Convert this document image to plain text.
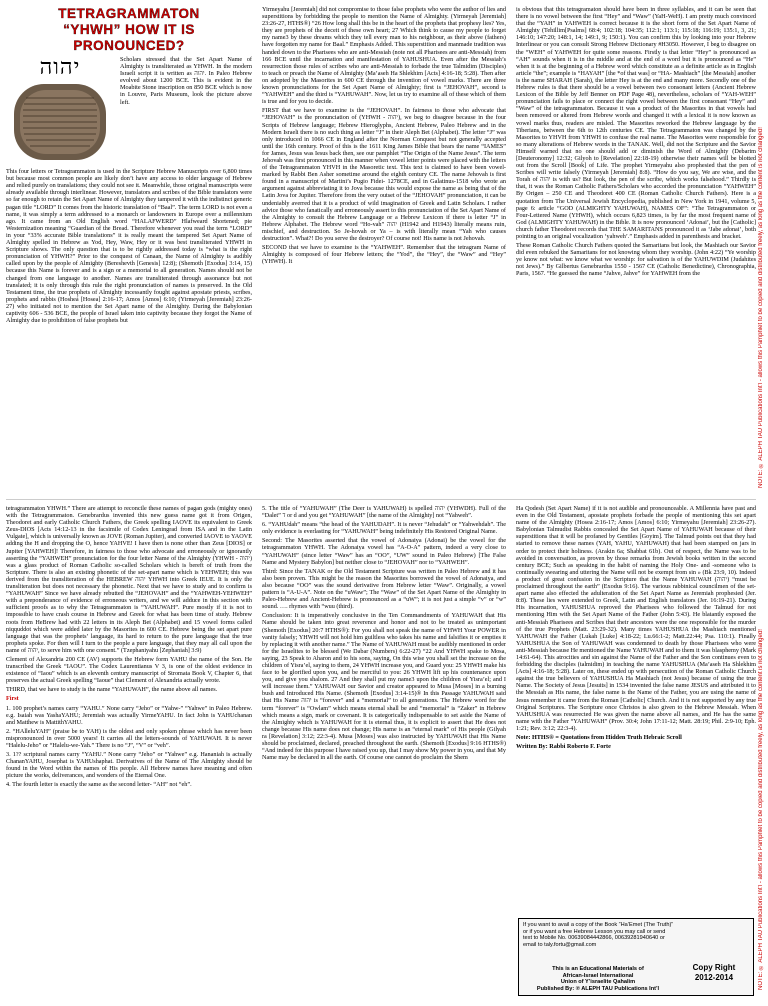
TETRAGRAMMATON
“YHWH” HOW IT IS
PRONOUNCED?
יהוה	Scholars stressed that the Set Apart Name of Almighty is transliterated as YHWH. In the modern Israeli script it is written as יהוה. In Paleo Hebrew evolved about 1200 BCE. This is evident in the Moabite Stone inscription on 850 BCE which is now in Louvre, Paris Museum, look the picture above left.
This four letters or Tetragrammaton is used in the Scripture Hebrew Manuscripts over 6,800 times but because most common people are likely don’t have any access to older language of Hebrew and relied purely on translations; they could not see it. Meanwhile, those original manuscripts were already available through interlinear. However, translators and scribes of the Bible translators were so far enough to retain the Set Apart Name of Almighty they tampered it with the indistinct generic pagan title “LORD” It comes from the historic translation of “Baal”. The term LORD is not even a name, it was simply a term addressed to a monarch or landowners in Europe over a millennium ago. It came from an Old English word “HALAFWERD” Hlafweard Shortened; pie Westernization meaning “Guardian of the Bread. Therefore whenever you read the term “LORD” in your “33% accurate Bible translations” it is really meant the tampered Set Apart Name of Almighty spelled in Hebrew as Yod, Hey, Waw, Hey or it was best transliterated YHWH in Scripture shows. The only question that is to be rightly addressed today is “what is the right pronunciation of YHWH?” Prior to the conquest of Canaan, the Name of Almighty is audibly called upon by the people of Almighty (Bereshevth [Genesis] 12:8); (Shemoth [Exodus] 3:14, 15) because this Name is forever and is a sign or a memorial to all generation. Names should not be changed from one language to another. Names are transliterated through assonance but not translated; it is only through this rule the right pronunciation of names is preserved. In the Old Testament time, the true prophets of Almighty incessantly fought against apostate priests, scribes, prophets and rabbis (Hosheá [Hosea] 2:16-17; Amos [Amos] 6:10; (Yirmeyah [Jeremiah] 23:26-27) who initiated not to mention the Set Apart name of the Almighty. During the Babylonian captivity 606 - 536 BCE, the people of Israel taken into captivity because they forgot the Name of Almighty due to prohibition of false prophets but
Yirmeyahu [Jeremiah] did not compromise to those false prophets who were the author of lies and superstitions by forbidding the people to mention the Name of Almighty. (Yirmeyah [Jeremiah] 23:26-27, HTHS®) “26 How long shall this be in the heart of the prophets that prophesy lies? Yes, they are prophets of the deceit of these own heart; 27 Which think to cause my people to forget my name3 by these dreams which they tell every man to his neighbour, as their above (fathers) have forgotten my name for Baal.” Emphasis Added. This superstition and manmade tradition was handed down to the Pharisees who are anti-Messiah (note not all Pharisees are anti-Messiah) from 166 BCE until the incarnation and manifestation of YAHUSHUA. Even after the Messiah’s resurrection those rules of scribes who are anti-Messiah to forbade the true Talmidim (Disciples) to teach or preach the Name of Almighty (Ma’aseh Ha Shlekhim [Acts] 4:16-18; 5:28). Then after on adopted by the Masorites in 600 CE through the invention of vowel marks. There are three known pronunciations for the Set Apart Name of Almighty; first is “JEHOVAH”, second is “YAHWEH” and the third is “YAHUWAH”. Now, let us try to examine all of these which of them is true and for you to decide.
FIRST that we have to examine is the “JEHOVAH”. In fairness to those who advocate that “JEHOVAH” is the pronunciation of (YHWH - יהוה), we beg to disagree because in the four Scripts of Hebrew language; Hebrew Hieroglyphs, Ancient Hebrew, Paleo Hebrew and in the Modern Israeli there is no such thing as letter “J” in their Aleph Bet (Alphabet). The letter “J” was only introduced in 1066 CE in England after the Norman Conquest but not generally accepted until the 16th century. Proof of this is the 1611 King James Bible that bears the name “IAMES” for James, Jesus was Iesus back then, see our pamphlet “The Origin of the Name Jesus”. The term Jehovah was first pronounced in this manner when vowel letter points were placed with the letters of the Tetragrammaton YHVH in the Masoretic text. This text is claimed to have been vowel-marked by Rabbi Ben Asher sometime around the eighth century CE. The name Jehovah is first found in a manuscript of Martini’s Pugio Fidei- 1278CE, and in Galatinus-1518 who wrote an argument against abbreviating it to Jova because this would expose the name as being that of the Latin Jova for Jupiter. Therefore from the very outset of the “JEHOVAH” pronunciation, it can be undeniably averred that it is a product of wild imagination of Greek and Latin Scholars. I rather advice those who fanatically and erroneously assert to this pronunciation of the Set Apart Name of the Almighty to consult the Hebrew Language or a Hebrew Lexicon if there is letter “J” in Hebrew Alphabet. The Hebrew word “Ho-vah” יהוה (H1942 and H1943) literally means ruin, mischief, and destruction. So Je-hovah or Ya – is with literally mean “Yah who causes destruction”. What?! Do you serve the destroyer? Of course not! His name is not Jehovah.
SECOND that we have to examine is the “YAHWEH”. Remember that the tetragram Name of Almighty is composed of four Hebrew letters; the “Yod”, the “Hey”, the “Waw” and “Hey” (YHWH). It
is obvious that this tetragramaton should have been in three syllables, and it can be seen that there is no vowel between the first “Hey” and “Waw” (YaH-WeH). I am pretty much convinced that the “YAH” in YAHWEH is correct because it is the short form of the Set Apart Name of Almighty (Tehillim[Psalms] 68:4; 102:18; 104:35; 112:1; 113:1; 115:18; 116:19; 135:1, 3, 21; 146:10; 147:20; 148:1, 14; 149:1, 9; 150:1). You can confirm this by looking into your Hebrew Interlinear or you can consult Strong Hebrew Dictionary #H3050. However, I beg to disagree on the “WEH” of YAHWEH for quite some reasons. Firstly is that letter “Hey” is pronounced as “AH” sounds when it is in the middle and at the end of a word but it is pronounced as “He” when it is at the beginning of a Hebrew word which constitute as a definite article as in English article “the”; example is “HAYAH” [the *of that was] or “HA- Mashiach” [the Messiah] another is the name SHARAH (Sarah), the letter Hey is at the end and many more. Secondly one of the Hebrew rules is that there should be a vowel between two consonant letters (Ancient Hebrew Lexicon of the Bible by Jeff Benner on PDF Page 48), nevertheless, scholars of “YAH-WEH” pronunciation fails to place or connect the right vowel between the first consonant “Hey” and “Waw” of the tetragrammaton. Because it was a product of the Masorites in that vowels had been removed or altered from Hebrew words and changed it with a lexical it is now known as vowel marks thus, readers are misled. The Masorites reworked the Hebrew language by the Tiberians, between the 6th to 12th centuries CE. The Tetragrammaton was changed by the Masorites to YHVH from YHWH to confuse the real name. The Masorites were responsible for so many alterations of Hebrew words in the TANAK. Well, did not the Scripture and the Savior Himself warned that no one should add or diminish the Word of Almighty (Debarim [Deuteronomy] 12:32; Gilyoh to [Revelation] 22:18-19) otherwise their names will be blotted out from the Scroll [Book] of Life. The prophet Yirmeyahu also prophesied that the pen of Scribes will write falsely (Yirmeyah [Jeremiah] 8:8). “How do you say, We are wise, and the Torah of יהוה is with us? But look, the pen of the scribe, which works falsehood.” Thirdly is that, it was the Roman Catholic Fathers/Scholars who accorded the pronunciation “YAHWEH” By Origen – 250 CE and Theodoret 400 CE (Roman Catholic Church Fathers). Here is a quotation from The Universal Jewish Encyclopedia, published in New York in 1941, volume 5, page 6: article “GOD (ALMIGHTY YAHUWAH), NAMES OF”: “The Tetragrammaton or Four-Lettered Name (YHWH), which occurs 6,823 times, is by far the most frequent name of God (ALMIGHTY YAHUWAH) in the Bible. It is now pronounced ‘Adonai’, but the [Catholic] church father Theodoret records that THE SAMARITANS pronounced it as ‘Jabe adonai’, both pointing to an original vocalization ‘yahweh’.” Emphasis added in parenthesis and bracket.
These Roman Catholic Church Fathers quoted the Samaritans but look, the Mashiach our Savior did even rebuked the Samaritans for not knowing whom they worship. (John 4:22) “Ye worship ye know not what: we know what we worship: for salvation is of the YAHUWDIM (Judahites not Jews).” By Gilbertus Genebrardus 1550 - 1567 CE (Catholic Benedictine), Chronographia, Paris, 1567. “He guessed the name “Jahve, Jahve” for YAHWEH from the
tetragrammaton YHWH.” There are attempt to reconcile these names of pagan gods (mighty ones) with the Tetragrammaton. Genebrardus invented this new guess name got it from Origen, Theodoret and early Catholic Church Fathers, the Greek spelling IAOVE its equivalent to Greek Zeus-DIOS [Acts 14:12-13 in the facsimile of Codex Leningrad from ISA and in the Latin Vulgate], which is universally known as JOVE (Roman Jupiter), and converted IAOVE to YAOVE adding the H and dropping the O, hence YAHVE! I have then is none other than Zeus [DIOS] or Jupiter [YAHWEH]! Therefore, in fairness to those who advocate and erroneously or ignorantly asserting the “YAHWEH” pronunciation for the four letter Name of the Almighty (YHWH - יהוה) was a glass product of Roman Catholic so-called Scholars which is bereft of truth from the Scripture. There is also an existing phonetic of the set-apart name which is YEHWEH; this was derived from the transliteration of the HEBREW יהוה YHWH into Greek IEUE. It is only the transliteration but does not necessary the phonetic. Next that we have to study and to confirm is “YAHUWAH” Since we have already rebutted the “JEHOVAH” and the “YAHWEH-YEHWEH” with a preponderance of evidence of erroneous writers, and we will adduce in this section with sufficient proofs as to why the Tetragrammaton is “YAHUWAH”. Pure mostly if it is not to impossible to have crash course in Hebrew and Greek for what has been time of study. Hebrew roots from HeBrew had with 22 letters in its Aleph Bet (Alphabet) and 15 vowel forms called niqquddot which were added later by the Masorites in 600 CE. Hebrew being the set apart pure language that was the prophets’ language, its hard to return to the pure language that the true prophets spoke. For then will I turn to the people a pure language, that they may all call upon the name of יהוה, to serve him with one consent.” (Tzephaniyahu [Zephaniah] 3:9)
Clement of Alexandria 200 CE (AV) supports the Hebrew form YAHU the name of the Son. He transcribed the Greek “IAOU”. The Codex Laurentianus V 3, is one of the oldest evidence in existence of “Iaou” which is an eleventh century manuscript of Stromata Book V, Chapter 6, that preserves the actual Greek spelling “Iaoue” that Clement of Alexandria actually wrote.
THIRD, that we have to study is the name “YAHUWAH”, the name above all names.
First
1. 100 prophet’s names carry “YAHU.” None carry “Jeho” or “Yahw-” “Yahwe” in Paleo Hebrew. e.g. Isaiah was YashaYAHU; Jeremiah was actually YirmeYAHU. In fact John is YAHUchanan and Matthew is MattithYAHU.
2. “HAlleluYAH” (praise be to YAH) is the oldest and only spoken phrase which has never been mispronounced in over 5000 years! It carries all the letters-sounds of YAHUWAH. It is never “Halelu-Jeho” or “Halelu-we-Yah.” There is no “J”, “V” or “veh”.
3. 1?? scriptural names carry “YAHU.” None carry “Jeho” or “Yahwe” e.g. Hananiah is actually ChananYAHU, Josephat is YAHUshaphat. Derivatives of the Name of The Almighty should be found in the Word within the names of His people. All Hebrew names have meaning and often picture the works, deliverances, and wonders of the Eternal One.
4. The fourth letter is exactly the same as the second letter- “AH” not “eh”.
5. The title of “YAHUWAH” (The Deer is YAHUWAH) is spelled יהוה (YHWDH). Full of the “Dalet” ד or d and you get “YAHUWAH” [the name of the Almighty] not “Yahweh”.
6. “YAHUdah” means “the head of the YAHUDAH”. It is never “Jehudah” or “Yahwehdah”. The only evidence is everlasting for “YAHUWAH” being indefinitely His Restored Original Name.
Second: The Masorites asserted that the vowel of Adonaiya (Adonai) be the vowel for the tetragrammaton YHWH. The Adonaiya vowel has “A-O-A” pattern, indeed a very close to “YAHUWAH” (since letter “Waw” has an “OO”, “UW” sound in Paleo Hebrew) [The False Name and Mystery Babylon] but neither close to “JEHOVAH” nor to “YAHWEH”.
Third: Since the TANAK or the Old Testament Scripture was written in Paleo Hebrew and it has also been proven. This might be the reason the Masorites borrowed the vowel of Adonaiya, and also because “OO” was the sound derivative from Hebrew letter “Waw”. Originally, a vowel pattern is “A-U-A”. Note on the “uWaw”; The “Waw” of the Set Apart Name of the Almighty in Paleo-Hebrew and Ancient-Hebrew is pronounced as a “uW”; it is not just a simple “v” or “w” sound. …. rhymes with “wuu (third).
Conclusion: It is imperatively conclusive in the Ten Commandments of YAHUWAH that His Name should be taken into great reverence and honor and not to be treated as unimportant (Shemoth [Exodus] 20:7 HTHS®): For you shall not speak the name of YHWH Your POWER in vanity falsely; YHWH will not hold him guiltless who takes his name and falsifies it or empties it by replacing it with another name.” The Name of YAHUWAH must be audibly mentioned in order for the Israelites to be blessed (We Dabar (Numbers) 6:22-27) “22 And YHWH spake to Mosa, saying, 23 Speak to Aharon and to his sons, saying, On this wise you shall set the increase on the children of Yisra’el, saying to them, 24 YHWH increase you, and Guard you: 25 YHWH make his face to be glorified upon you, and be merciful to you: 26 YHWH lift up his countenance upon you, and give you shalom. 27 And they shall put my name3 upon the children of Yisra’el; and I will increase them.” YAHUWAH our Savior and creator appeared to Musa [Moses] in a burning bush and Introduced His Name. (Shemoth [Exodus] 3:14-15)® In this Passage YAHUWAH said that His Name יהוה is “forever” and a “memorial” to all generations. The Hebrew word for the term “forever” is “Owlam” which means eternal shall be and “memorial” is “Zaker” in Hebrew which means a sign, mark or covenant. It is categorically indispensable to set aside the Name of the Almighty which is YAHUWAH for it is eternal thus, it is explicit to assert that He does not change because His name does not change; His name is an “eternal mark” of His people (Gilyah ra [Revelation] 3:12; 22:3-4). Musa [Moses] was also instructed by YAHUWAH that His Name should be proclaimed, declared, preached throughout the earth. (Shemoth [Exodus] 9:16 HTHS®) “And indeed for this purpose I have raised you up, that I may show My power in you, and that My Name may be declared in all the earth. Of course one cannot do proclaim the Shem
Ha Qodesh (Set Apart Name) if it is not audible and pronounceable. A Millennia have past and even in the Old Testament, apostate prophets forbade the people of mentioning this set apart name of the Almighty (Hosea 2:16-17; Amos [Amos] 6:10; Yirmeyahu [Jeremiah] 23:26-27). Babylonian Talmudist Rabbis concealed the Set Apart Name of YAHUWAH because of their superstitions that it will be profaned by Gentiles [Goyim]. The Talmud points out that they had started to remove these names (YAH, YAHU, YAHUWAH) that had been stamped on jars in order to protect their holiness. (Arakin 6a; Shabbat 61b). Out of respect, the Name was to be avoided in conversation, as proven by those remarks from Jewish books written in the second century BCE; Such as speaking in the habit of naming the Holy One- and -someone who is continually swearing and uttering the Name will not be exempt from sin » (Bk 23:9, 10). Indeed a product of great confusion in the Scripture that the Name YAHUWAH (יהוה) “must be proclaimed throughout the earth” (Exodus 9:16). The various rabbinical councilmen of the set-apart name also effected the adulteration of the Set Apart Name as Jeremiah prophesied (Jer. 8:8). These lies were extended to Greek, Latin and English translators (Jer. 16:19-21). During His incarnation, YAHUSHUA reproved the Pharisees who followed the Talmud for not mentioning Him with the Set Apart Name of the Father (John 5:43). He blatantly exposed the anti-Messiah Pharisees and Scribes that their ancestors were the one responsible for the murder of the true Prophets (Matt. 23:29-32). Many times YAHUSHUA the Mashiach mentioned YAHUWAH the Father (Lukah [Luke] 4:18-22; Lu.66:1-2; Matt.22:44; Psa. 110:1). Finally YAHUSHUA the Son of YAHUWAH was condemned to death by those Pharisees who were anti-Messiah because He mentioned the Name YAHUWAH and to them it was blasphemy (Mark 14:61-64). This atrocities and sin against the Name of the Father and the Son continues even to forbidding the disciples (talmidim) in teaching the name YAHUSHUA (Ma’aseh Ha Shlekhim [Acts] 4:16-18; 5:28). Later on, these ended up with persecution of the Roman Catholic Church against the true believers of YAHUSHUA Ha Mashiach (not Jesus) because of using the true Name. The Society of Jesus [Jesuits] in 1534 invented the false name JESUS and attributed it to the Messiah as His name, the false name is the Name of the Father, you are using the name of Jesus remember it came from the Roman [Catholic] Church. And it is not supported by any true Original Scriptures. The Scripture once Christos is also given to the Hebrew Messiah. When YAHUSHUA was resurrected He was given the name above all names, and He has the same name with the Father “YAHUWAH” (Prov. 30:4; John 17:11-12; Matt. 28:19; Phil. 2:9-10; Eph. 1:21; Rev. 3:12; 22:3-4).
Note: HTHS® = Quotations from Hidden Truth Hebraic Scroll
Written By: Rabbi Roberto F. Forte
If you want to avail a copy of the Book “Ha’Emet (The Truth)” or if you want a free Hebrew Lesson you may call or send text to Mobile No. 00639084442866, 00639281940640 or email to taly.fortu@gmail.com
This is an Educational Materials of
African-Israel International
Union of Y’israelite Qahalim
Published By: ℗ ALEPH TAU Publications Int’l
Copy Right
2012-2014
NOTE: ℗ ALEPH TAU Publications Int’l - allows this Pamphlet to be copied and distributed freely, as long as the content is not changed!
NOTE: ℗ ALEPH TAU Publications Int’l - allows this Pamphlet to be copied and distributed freely, as long as the content is not changed!
